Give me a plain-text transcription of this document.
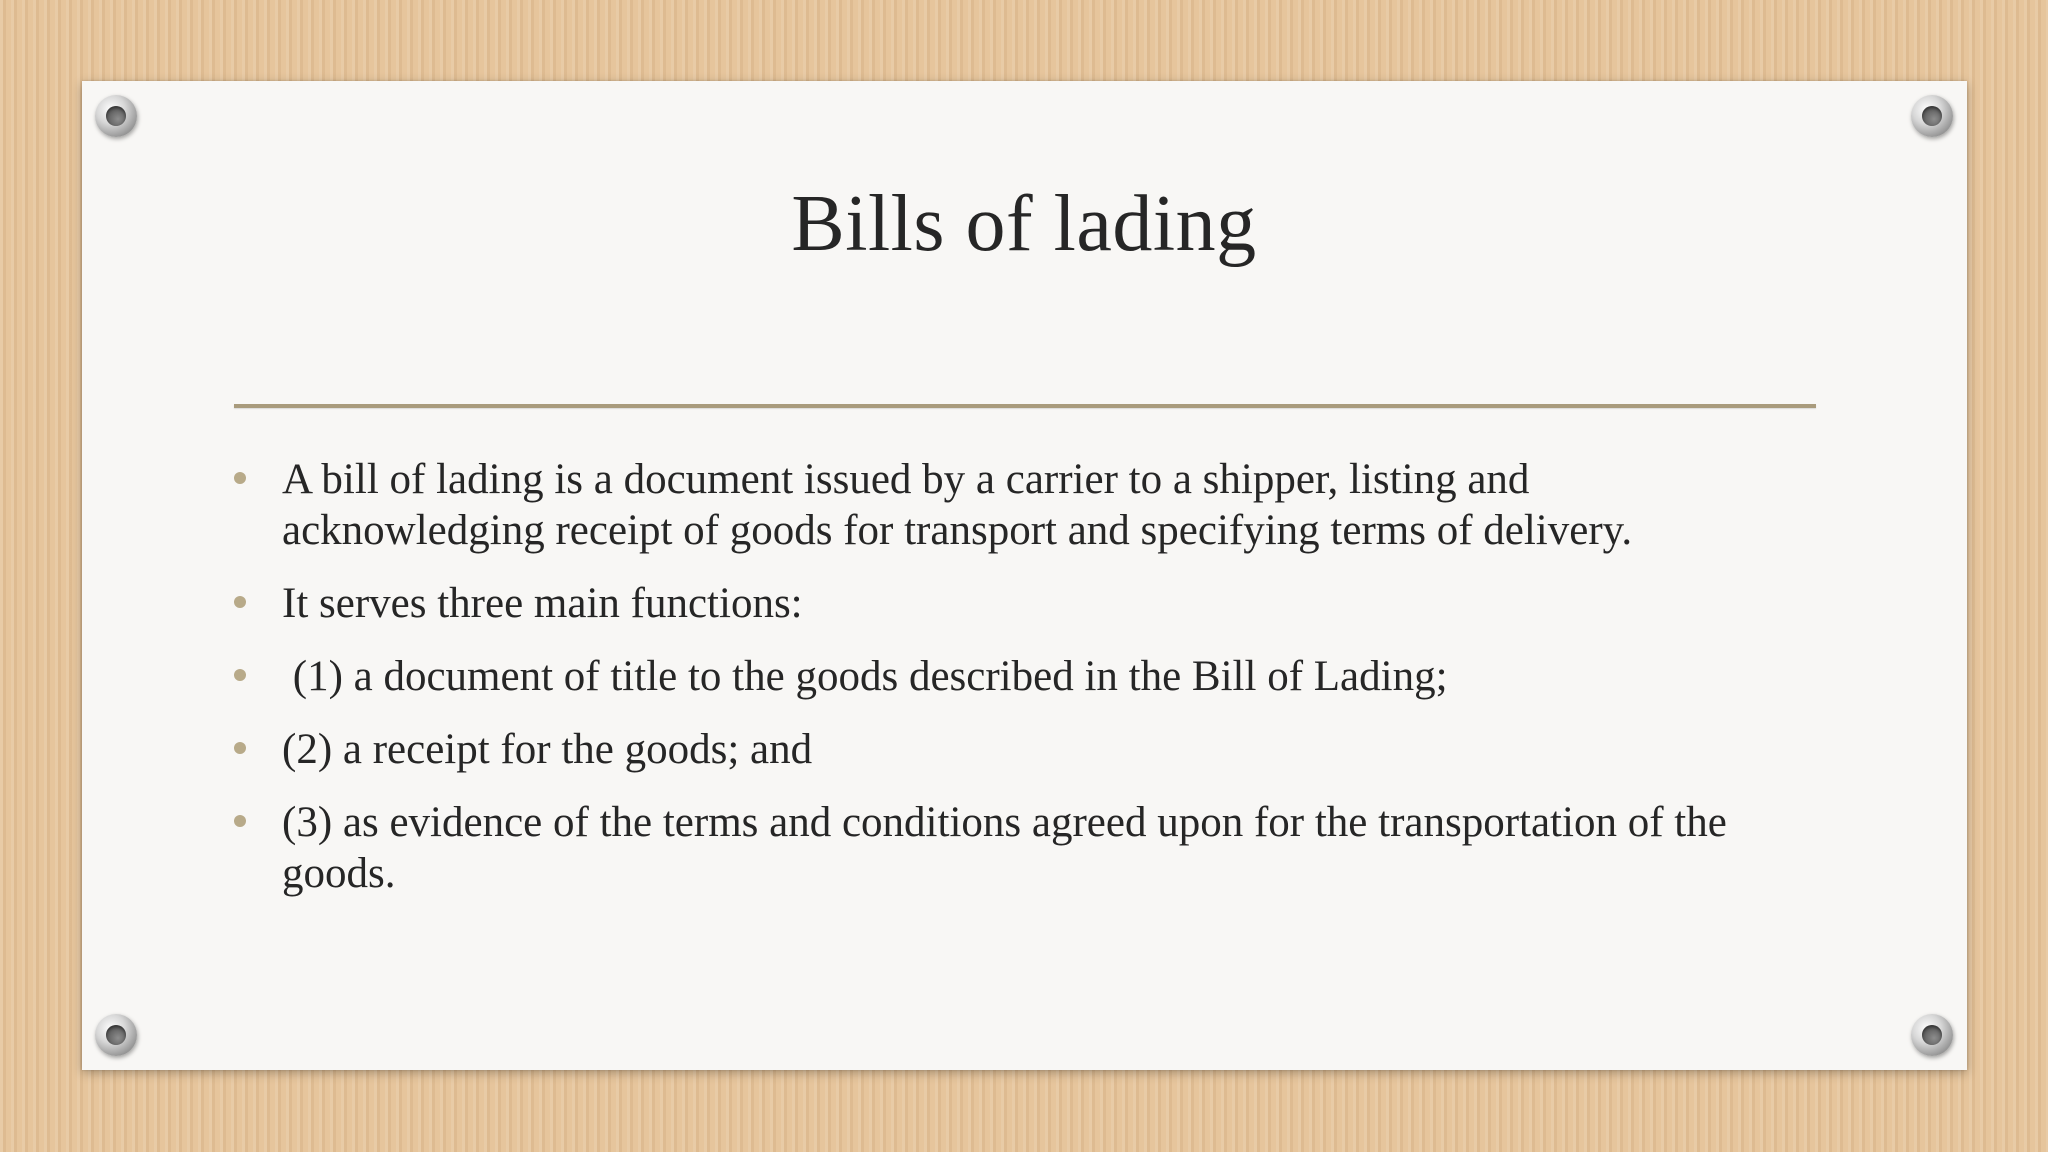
Bills of lading
A bill of lading is a document issued by a carrier to a shipper, listing and acknowledging receipt of goods for transport and specifying terms of delivery.
It serves three main functions:
(1) a document of title to the goods described in the Bill of Lading;
(2) a receipt for the goods; and
(3) as evidence of the terms and conditions agreed upon for the transportation of the goods.
